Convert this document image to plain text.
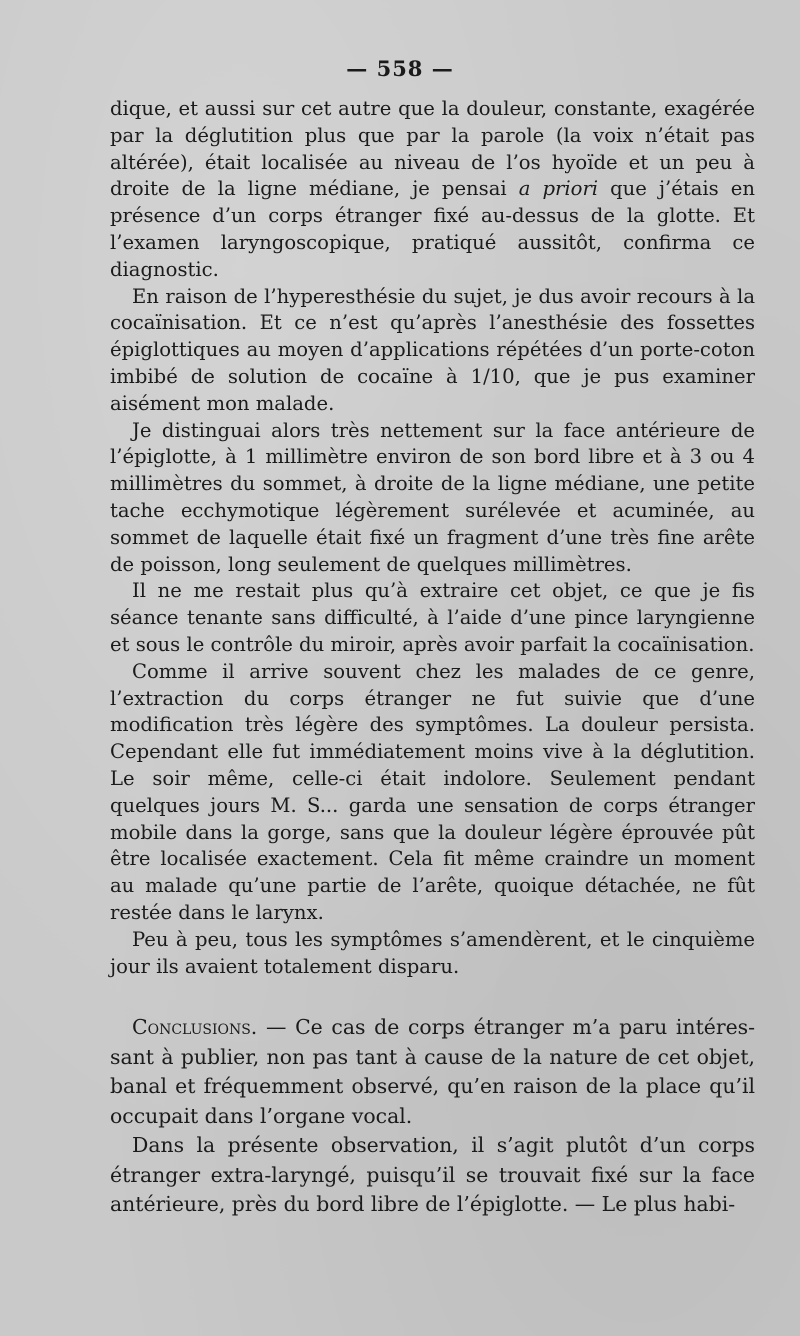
— 558 —

dique, et aussi sur cet autre que la douleur, constante, exagérée par la déglutition plus que par la parole (la voix n’était pas altérée), était localisée au niveau de l’os hyoïde et un peu à droite de la ligne médiane, je pensai a priori que j’étais en présence d’un corps étranger fixé au-dessus de la glotte. Et l’examen laryngoscopique, pratiqué aussitôt, confirma ce diagnostic.

En raison de l’hyperesthésie du sujet, je dus avoir recours à la cocaïnisation. Et ce n’est qu’après l’anesthésie des fossettes épiglottiques au moyen d’applications répétées d’un porte-coton imbibé de solution de cocaïne à 1/10, que je pus examiner aisément mon malade.

Je distinguai alors très nettement sur la face antérieure de l’épiglotte, à 1 millimètre environ de son bord libre et à 3 ou 4 millimètres du sommet, à droite de la ligne médiane, une petite tache ecchymotique légèrement surélevée et acuminée, au sommet de laquelle était fixé un fragment d’une très fine arête de poisson, long seulement de quelques millimètres.

Il ne me restait plus qu’à extraire cet objet, ce que je fis séance tenante sans difficulté, à l’aide d’une pince laryngienne et sous le contrôle du miroir, après avoir parfait la cocaïnisation.

Comme il arrive souvent chez les malades de ce genre, l’extraction du corps étranger ne fut suivie que d’une modification très légère des symptômes. La douleur persista. Cependant elle fut immédiatement moins vive à la déglutition. Le soir même, celle-ci était indolore. Seulement pendant quelques jours M. S... garda une sensation de corps étranger mobile dans la gorge, sans que la douleur légère éprouvée pût être localisée exactement. Cela fit même craindre un moment au malade qu’une partie de l’arête, quoique détachée, ne fût restée dans le larynx.

Peu à peu, tous les symptômes s’amendèrent, et le cinquième jour ils avaient totalement disparu.

Conclusions. — Ce cas de corps étranger m’a paru intéressant à publier, non pas tant à cause de la nature de cet objet, banal et fréquemment observé, qu’en raison de la place qu’il occupait dans l’organe vocal.

Dans la présente observation, il s’agit plutôt d’un corps étranger extra-laryngé, puisqu’il se trouvait fixé sur la face antérieure, près du bord libre de l’épiglotte. — Le plus habi-
